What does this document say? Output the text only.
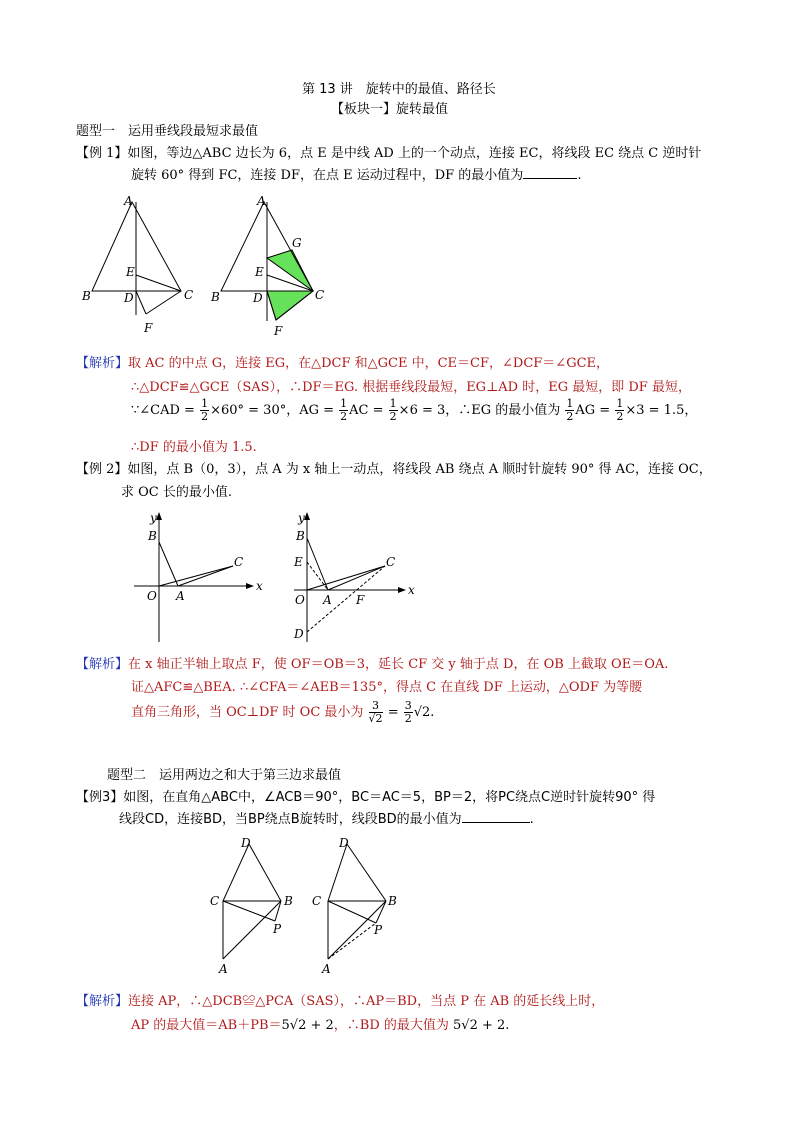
第 13 讲　旋转中的最值、路径长
【板块一】旋转最值
题型一　运用垂线段最短求最值
【例 1】如图，等边△ABC 边长为 6，点 E 是中线 AD 上的一个动点，连接 EC，将线段 EC 绕点 C 逆时针
旋转 60° 得到 FC，连接 DF，在点 E 运动过程中，DF 的最小值为	.
A
B	C
D
E
F
A
B	C
D
E
F
G
【解析】取 AC 的中点 G，连接 EG，在△DCF 和△GCE 中，CE＝CF，∠DCF＝∠GCE，
∴△DCF≌△GCE（SAS），∴DF＝EG. 根据垂线段最短，EG⊥AD 时，EG 最短，即 DF 最短，
∵∠CAD = $\frac{1}{2} \times 60^\circ = 30^\circ$，AG = $\frac{1}{2}$ AC = $\frac{1}{2} \times 6 = 3$，∴EG 的最小值为 $\frac{1}{2}$ AG = $\frac{1}{2} \times 3 = 1.5$，
∴DF 的最小值为 1.5.
【例 2】如图，点 B（0，3），点 A 为 x 轴上一动点，将线段 AB 绕点 A 顺时针旋转 90° 得 AC，连接 OC，
求 OC 长的最小值.
B
y
O A
C
x
y
B
E
O A F
C
D
x
【解析】在 x 轴正半轴上取点 F，使 OF＝OB＝3，延长 CF 交 y 轴于点 D，在 OB 上截取 OE＝OA.
证△AFC≌△BEA. ∴∠CFA＝∠AEB＝135°，得点 C 在直线 DF 上运动，△ODF 为等腰
直角三角形，当 OC⊥DF 时 OC 最小为 $\frac{3}{√2} = \frac{3}{2} √2$.
题型二　运用两边之和大于第三边求最值
【例3】如图，在直角△ABC中，∠ACB＝90°，BC＝AC＝5，BP＝2，将PC绕点C逆时针旋转90° 得
线段CD，连接BD，当BP绕点B旋转时，线段BD的最小值为	.
D
C	B
P
A
D
C	B
P
A
【解析】连接 AP，∴△DCB≌△PCA（SAS），∴AP＝BD，当点 P 在 AB 的延长线上时，
AP 的最大值＝AB＋PB＝5√2 + 2，∴BD 的最大值为 5√2 + 2.
